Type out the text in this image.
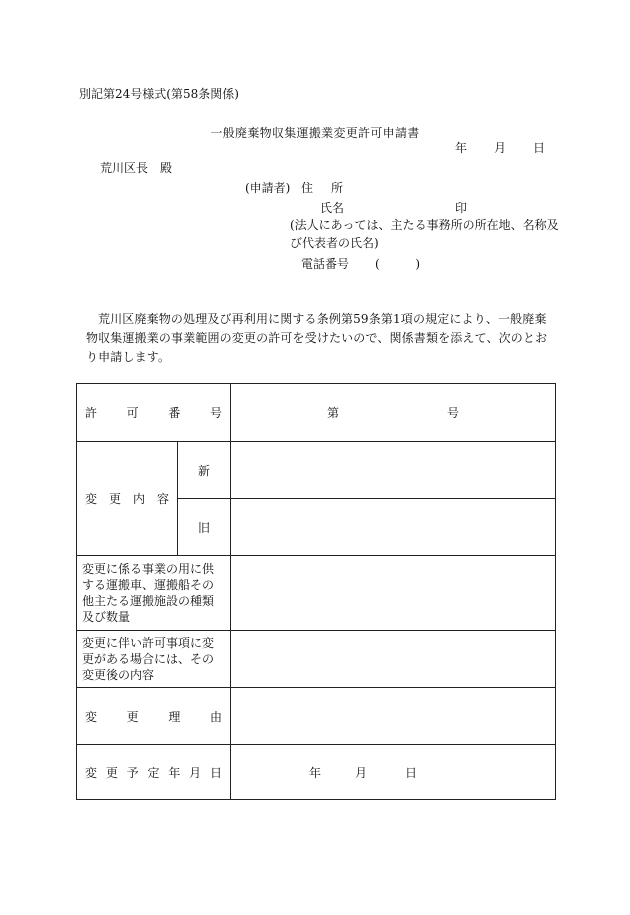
別記第24号様式(第58条関係)
一般廃棄物収集運搬業変更許可申請書
年 月 日
荒川区長　殿
(申請者) 住 所
氏 名	印
(法人にあっては、主たる事務所の所在地、名称及び代表者の氏名)
電話番号 (	)
荒川区廃棄物の処理及び再利用に関する条例第59条第1項の規定により、一般廃棄物収集運搬業の事業範囲の変更の許可を受けたいので、関係書類を添えて、次のとおり申請します。
許 可 番 号	第	号
変 更 内 容
新
旧
変更に係る事業の用に供する運搬車、運搬船その他主たる運搬施設の種類及び数量
変更に伴い許可事項に変更がある場合には、その変更後の内容
変 更 理 由
変 更 予 定 年 月 日	年	月	日
